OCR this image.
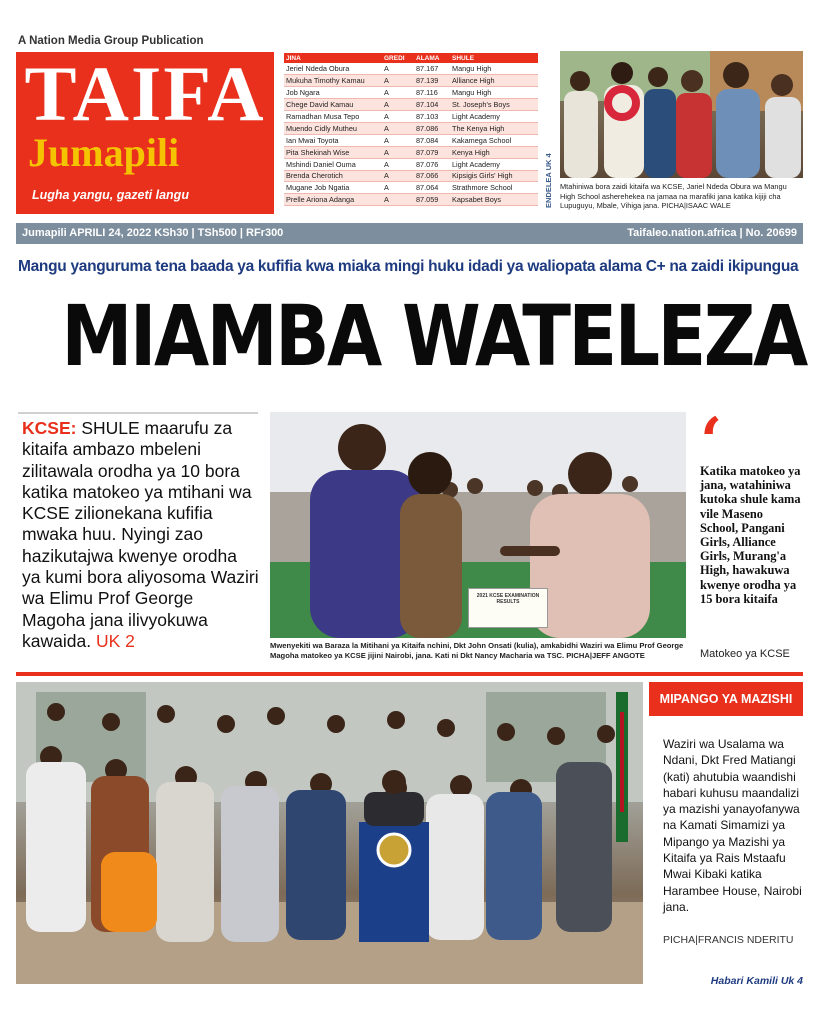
A Nation Media Group Publication
TAIFA
Jumapili
Lugha yangu, gazeti langu
JINA	GREDI	ALAMA	SHULE
Jeriel Ndeda Obura	A	87.167	Mangu High
Mukuha Timothy Kamau	A	87.139	Alliance High
Job Ngara	A	87.116	Mangu High
Chege David Kamau	A	87.104	St. Joseph's Boys
Ramadhan Musa Tepo	A	87.103	Light Academy
Muendo Cidly Mutheu	A	87.086	The Kenya High
Ian Mwai Toyota	A	87.084	Kakamega School
Pita Shekinah Wise	A	87.079	Kenya High
Mshindi Daniel Ouma	A	87.076	Light Academy
Brenda Cherotich	A	87.066	Kipsigis Girls' High
Mugane Job Ngatia	A	87.064	Strathmore School
Prelle Ariona Adanga	A	87.059	Kapsabet Boys	ENDELEA UK 4 Mtahiniwa bora zaidi kitaifa wa KCSE, Jariel Ndeda Obura wa Mangu High School asherehekea na jamaa na marafiki jana katika kijiji cha Lupuguyu, Mbale, Vihiga jana. PICHA|ISAAC WALE
Jumapili APRILI 24, 2022 KSh30 | TSh500 | RFr300	Taifaleo.nation.africa | No. 20699
Mangu yanguruma tena baada ya kufifia kwa miaka mingi huku idadi ya waliopata alama C+ na zaidi ikipungua
MIAMBA WATELEZA
KCSE: SHULE maarufu za kitaifa ambazo mbeleni zilitawala orodha ya 10 bora katika matokeo ya mtihani wa KCSE zilionekana kufifia mwaka huu. Nyingi zao hazikutajwa kwenye orodha ya kumi bora aliyosoma Waziri wa Elimu Prof George Magoha jana ilivyokuwa kawaida. UK 2
2021 KCSE EXAMINATION RESULTS
Mwenyekiti wa Baraza la Mitihani ya Kitaifa nchini, Dkt John Onsati (kulia), amkabidhi Waziri wa Elimu Prof George Magoha matokeo ya KCSE jijini Nairobi, jana. Kati ni Dkt Nancy Macharia wa TSC. PICHA|JEFF ANGOTE
‘
Katika matokeo ya jana, watahiniwa kutoka shule kama vile Maseno School, Pangani Girls, Alliance Girls, Murang'a High, hawakuwa kwenye orodha ya 15 bora kitaifa
Matokeo ya KCSE
MIPANGO YA MAZISHI
Waziri wa Usalama wa Ndani, Dkt Fred Matiangi (kati) ahutubia waandishi habari kuhusu maandalizi ya mazishi yanayofanywa na Kamati Simamizi ya Mipango ya Mazishi ya Kitaifa ya Rais Mstaafu Mwai Kibaki katika Harambee House, Nairobi jana.
PICHA|FRANCIS NDERITU
Habari Kamili Uk 4
